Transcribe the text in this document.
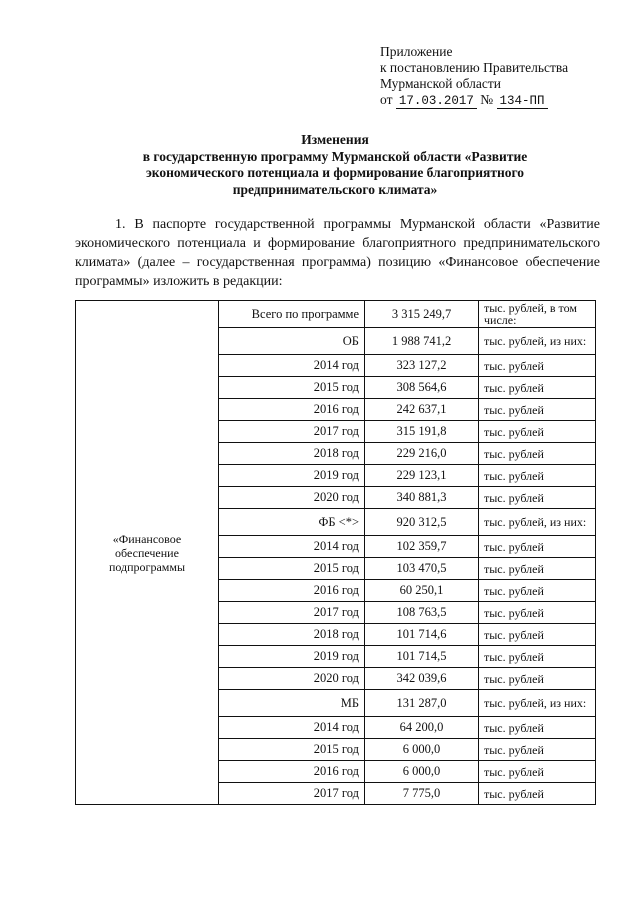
Приложение
к постановлению Правительства
Мурманской области
от 17.03.2017 № 134-ПП
Изменения
в государственную программу Мурманской области «Развитие
экономического потенциала и формирование благоприятного
предпринимательского климата»

1. В паспорте государственной программы Мурманской области «Развитие экономического потенциала и формирование благоприятного предпринимательского климата» (далее – государственная программа) позицию «Финансовое обеспечение программы» изложить в редакции:

«Финансовое обеспечение подпрограммы	Всего по программе	3 315 249,7	тыс. рублей, в том числе:
	ОБ	1 988 741,2	тыс. рублей, из них:
	2014 год	323 127,2	тыс. рублей
	2015 год	308 564,6	тыс. рублей
	2016 год	242 637,1	тыс. рублей
	2017 год	315 191,8	тыс. рублей
	2018 год	229 216,0	тыс. рублей
	2019 год	229 123,1	тыс. рублей
	2020 год	340 881,3	тыс. рублей
	ФБ <*>	920 312,5	тыс. рублей, из них:
	2014 год	102 359,7	тыс. рублей
	2015 год	103 470,5	тыс. рублей
	2016 год	60 250,1	тыс. рублей
	2017 год	108 763,5	тыс. рублей
	2018 год	101 714,6	тыс. рублей
	2019 год	101 714,5	тыс. рублей
	2020 год	342 039,6	тыс. рублей
	МБ	131 287,0	тыс. рублей, из них:
	2014 год	64 200,0	тыс. рублей
	2015 год	6 000,0	тыс. рублей
	2016 год	6 000,0	тыс. рублей
	2017 год	7 775,0	тыс. рублей
